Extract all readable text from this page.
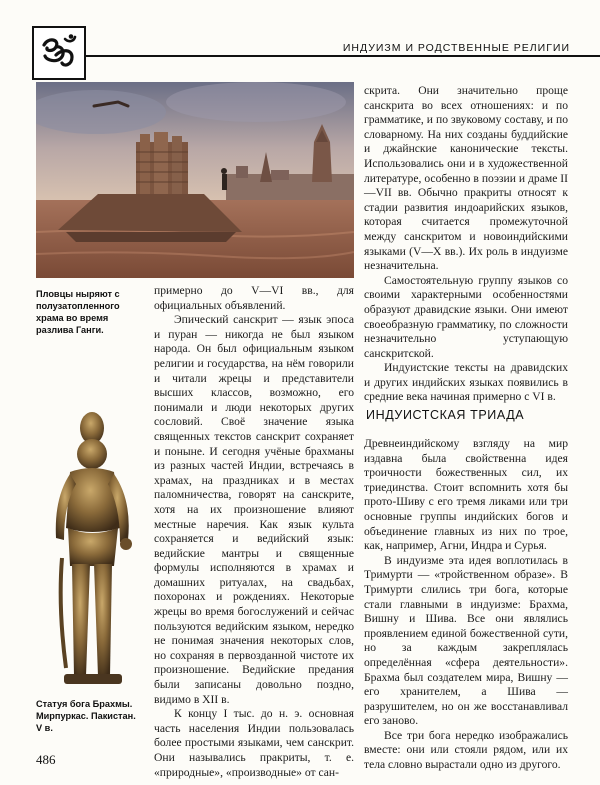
ИНДУИЗМ И РОДСТВЕННЫЕ РЕЛИГИИ
Пловцы ныряют с полузатопленного храма во время разлива Ганги.
Статуя бога Брахмы. Мирпуркас. Пакистан. V в.

примерно до V—VI вв., для официальных объявлений.

Эпический санскрит — язык эпоса и пуран — никогда не был языком народа. Он был официальным языком религии и государства, на нём говорили и читали жрецы и представители высших классов, возможно, его понимали и люди некоторых других сословий. Своё значение языка священных текстов санскрит сохраняет и поныне. И сегодня учёные брахманы из разных частей Индии, встречаясь в храмах, на праздниках и в местах паломничества, говорят на санскрите, хотя на их произношение влияют местные наречия. Как язык культа сохраняется и ведийский язык: ведийские мантры и священные формулы исполняются в храмах и домашних ритуалах, на свадьбах, похоронах и рождениях. Некоторые жрецы во время богослужений и сейчас пользуются ведийским языком, нередко не понимая значения некоторых слов, но сохраняя в первозданной чистоте их произношение. Ведийские предания были записаны довольно поздно, видимо в XII в.

К концу I тыс. до н. э. основная часть населения Индии пользовалась более простыми языками, чем санскрит. Они назывались пракриты, т. е. «природные», «производные» от сан-

скрита. Они значительно проще санскрита во всех отношениях: и по грамматике, и по звуковому составу, и по словарному. На них созданы буддийские и джайнские канонические тексты. Использовались они и в художественной литературе, особенно в поэзии и драме II—VII вв. Обычно пракриты относят к стадии развития индоарийских языков, которая считается промежуточной между санскритом и новоиндийскими языками (V—X вв.). Их роль в индуизме незначительна.

Самостоятельную группу языков со своими характерными особенностями образуют дравидские языки. Они имеют своеобразную грамматику, по сложности незначительно уступающую санскритской.

Индуистские тексты на дравидских и других индийских языках появились в средние века начиная примерно с VI в.

ИНДУИСТСКАЯ ТРИАДА

Древнеиндийскому взгляду на мир издавна была свойственна идея троичности божественных сил, их триединства. Стоит вспомнить хотя бы прото-Шиву с его тремя ликами или три основные группы индийских богов и объединение главных из них по трое, как, например, Агни, Индра и Сурья.

В индуизме эта идея воплотилась в Тримурти — «тройственном образе». В Тримурти слились три бога, которые стали главными в индуизме: Брахма, Вишну и Шива. Все они являлись проявлением единой божественной сути, но за каждым закреплялась определённая «сфера деятельности». Брахма был создателем мира, Вишну — его хранителем, а Шива — разрушителем, но он же восстанавливал его заново.

Все три бога нередко изображались вместе: они или стояли рядом, или их тела словно вырастали одно из другого.

486
